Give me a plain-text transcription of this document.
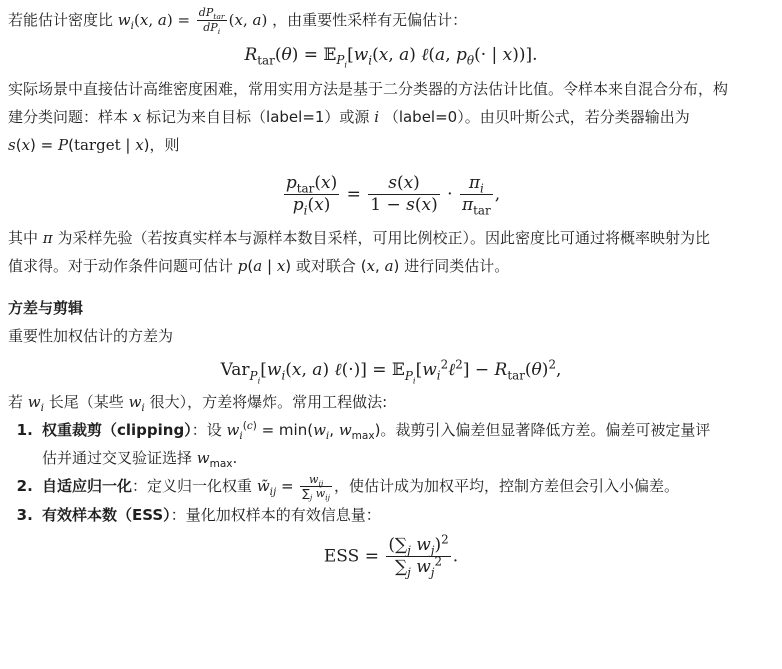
若能估计密度比 $w_i(x$, $a) = \frac{dP_{tar}}{dP_i} (x$, a) ，由重要性采样有无偏估计：

$R_{tar}(\theta)$ = $𝔼_{P_i}[w_i(x$, a) ℓ(a, $p_\theta(\cdot$ | x))].

实际场景中直接估计高维密度困难，常用实用方法是基于二分类器的方法估计比值。令样本来自混合分布，构

建分类问题：样本 x 标记为来自目标（label=1）或源 i （label=0）。由贝叶斯公式，若分类器输出为

s(x) = P(target | x)，则

$\frac{p_{tar}(x)}{p_i(x)} = \frac{s(x)}{1 - s(x)} \cdot \frac{\pi_i}{\pi_{tar}}$ ,

其中 π 为采样先验（若按真实样本与源样本数目采样，可用比例校正）。因此密度比可通过将概率映射为比

值求得。对于动作条件问题可估计 p(a | x) 或对联合 (x, a) 进行同类估计。

方差与剪辑

重要性加权估计的方差为

$Var_{P_i}[w_i(x$, a) ℓ(·)] = $𝔼_{P_i}[w_i^2\ell^2] - R_{tar}(\theta)^2$,

若 $w_i$ 长尾（某些 $w_i$ 很大），方差将爆炸。常用工程做法:

1. 权重裁剪（clipping）：设 $w_i^{(c)} = \min(w_i$, $w_{max}$)。裁剪引入偏差但显著降低方差。偏差可被定量评
估并通过交叉验证选择 $w_{max}$.
2. 自适应归一化：定义归一化权重 $w̃_{ij} = \frac{w_{ij}}{\sum_j w_{ij}}$ ，使估计成为加权平均，控制方差但会引入小偏差。
3. 有效样本数（ESS）：量化加权样本的有效信息量：
ESS = $\frac{(\sum_j w_j)^2}{\sum_j w_j^2}$ .
